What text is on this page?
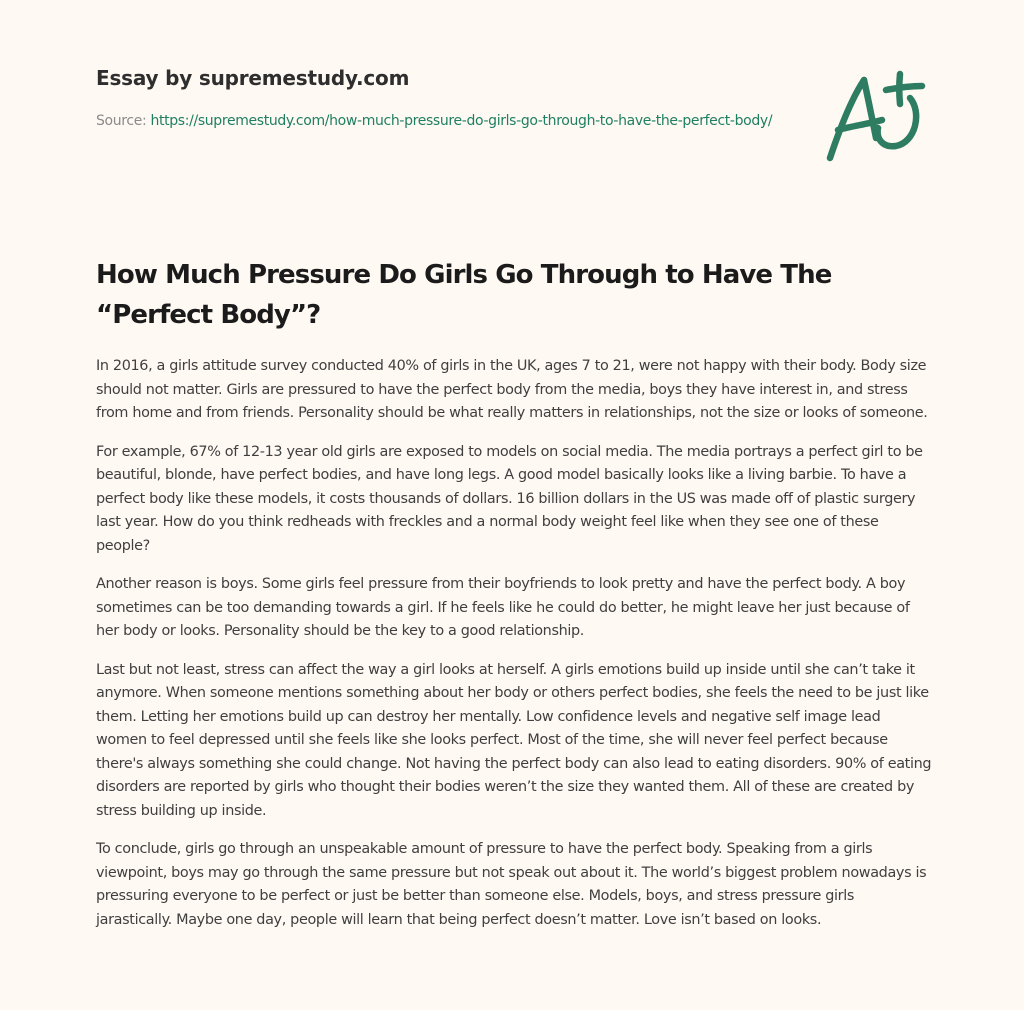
Essay by supremestudy.com
Source: https://supremestudy.com/how-much-pressure-do-girls-go-through-to-have-the-perfect-body/
How Much Pressure Do Girls Go Through to Have The “Perfect Body”?

In 2016, a girls attitude survey conducted 40% of girls in the UK, ages 7 to 21, were not happy with their body. Body size should not matter. Girls are pressured to have the perfect body from the media, boys they have interest in, and stress from home and from friends. Personality should be what really matters in relationships, not the size or looks of someone.

For example, 67% of 12-13 year old girls are exposed to models on social media. The media portrays a perfect girl to be beautiful, blonde, have perfect bodies, and have long legs. A good model basically looks like a living barbie. To have a perfect body like these models, it costs thousands of dollars. 16 billion dollars in the US was made off of plastic surgery last year. How do you think redheads with freckles and a normal body weight feel like when they see one of these people?

Another reason is boys. Some girls feel pressure from their boyfriends to look pretty and have the perfect body. A boy sometimes can be too demanding towards a girl. If he feels like he could do better, he might leave her just because of her body or looks. Personality should be the key to a good relationship.

Last but not least, stress can affect the way a girl looks at herself. A girls emotions build up inside until she can’t take it anymore. When someone mentions something about her body or others perfect bodies, she feels the need to be just like them. Letting her emotions build up can destroy her mentally. Low confidence levels and negative self image lead women to feel depressed until she feels like she looks perfect. Most of the time, she will never feel perfect because there's always something she could change. Not having the perfect body can also lead to eating disorders. 90% of eating disorders are reported by girls who thought their bodies weren’t the size they wanted them. All of these are created by stress building up inside.

To conclude, girls go through an unspeakable amount of pressure to have the perfect body. Speaking from a girls viewpoint, boys may go through the same pressure but not speak out about it. The world’s biggest problem nowadays is pressuring everyone to be perfect or just be better than someone else. Models, boys, and stress pressure girls jarastically. Maybe one day, people will learn that being perfect doesn’t matter. Love isn’t based on looks.
